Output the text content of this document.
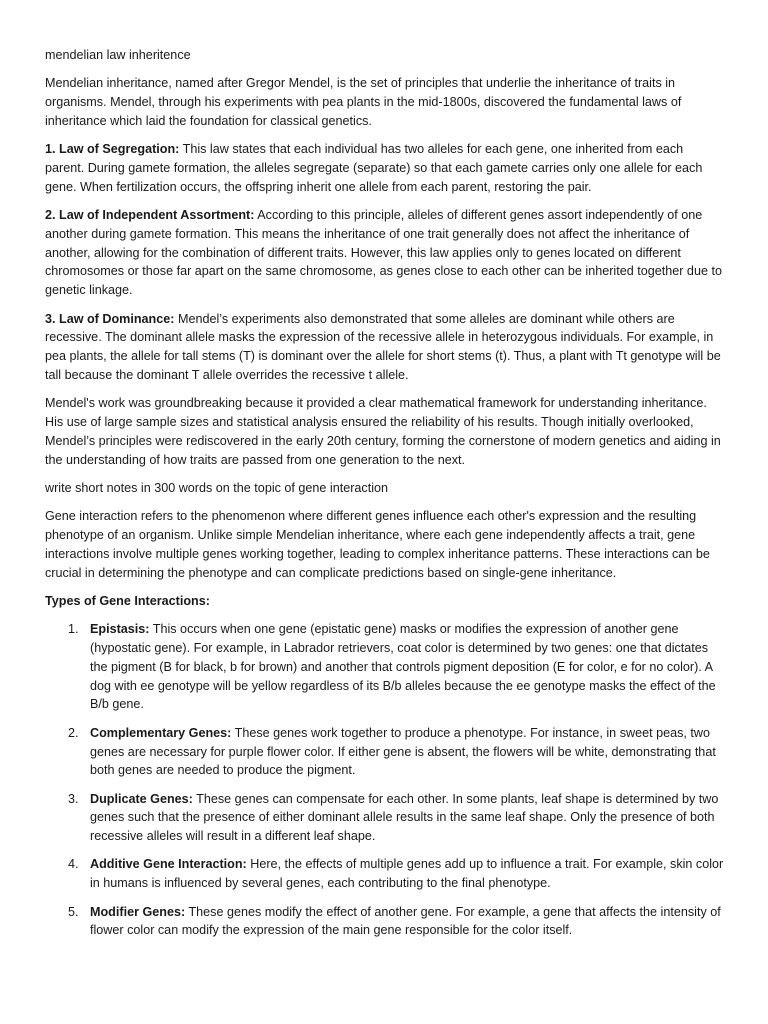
mendelian law inheritence

Mendelian inheritance, named after Gregor Mendel, is the set of principles that underlie the inheritance of traits in organisms. Mendel, through his experiments with pea plants in the mid-1800s, discovered the fundamental laws of inheritance which laid the foundation for classical genetics.

1. Law of Segregation: This law states that each individual has two alleles for each gene, one inherited from each parent. During gamete formation, the alleles segregate (separate) so that each gamete carries only one allele for each gene. When fertilization occurs, the offspring inherit one allele from each parent, restoring the pair.

2. Law of Independent Assortment: According to this principle, alleles of different genes assort independently of one another during gamete formation. This means the inheritance of one trait generally does not affect the inheritance of another, allowing for the combination of different traits. However, this law applies only to genes located on different chromosomes or those far apart on the same chromosome, as genes close to each other can be inherited together due to genetic linkage.

3. Law of Dominance: Mendel’s experiments also demonstrated that some alleles are dominant while others are recessive. The dominant allele masks the expression of the recessive allele in heterozygous individuals. For example, in pea plants, the allele for tall stems (T) is dominant over the allele for short stems (t). Thus, a plant with Tt genotype will be tall because the dominant T allele overrides the recessive t allele.

Mendel's work was groundbreaking because it provided a clear mathematical framework for understanding inheritance. His use of large sample sizes and statistical analysis ensured the reliability of his results. Though initially overlooked, Mendel’s principles were rediscovered in the early 20th century, forming the cornerstone of modern genetics and aiding in the understanding of how traits are passed from one generation to the next.

write short notes in 300 words on the topic of gene interaction

Gene interaction refers to the phenomenon where different genes influence each other's expression and the resulting phenotype of an organism. Unlike simple Mendelian inheritance, where each gene independently affects a trait, gene interactions involve multiple genes working together, leading to complex inheritance patterns. These interactions can be crucial in determining the phenotype and can complicate predictions based on single-gene inheritance.

Types of Gene Interactions:

1. Epistasis: This occurs when one gene (epistatic gene) masks or modifies the expression of another gene (hypostatic gene). For example, in Labrador retrievers, coat color is determined by two genes: one that dictates the pigment (B for black, b for brown) and another that controls pigment deposition (E for color, e for no color). A dog with ee genotype will be yellow regardless of its B/b alleles because the ee genotype masks the effect of the B/b gene.
2. Complementary Genes: These genes work together to produce a phenotype. For instance, in sweet peas, two genes are necessary for purple flower color. If either gene is absent, the flowers will be white, demonstrating that both genes are needed to produce the pigment.
3. Duplicate Genes: These genes can compensate for each other. In some plants, leaf shape is determined by two genes such that the presence of either dominant allele results in the same leaf shape. Only the presence of both recessive alleles will result in a different leaf shape.
4. Additive Gene Interaction: Here, the effects of multiple genes add up to influence a trait. For example, skin color in humans is influenced by several genes, each contributing to the final phenotype.
5. Modifier Genes: These genes modify the effect of another gene. For example, a gene that affects the intensity of flower color can modify the expression of the main gene responsible for the color itself.
